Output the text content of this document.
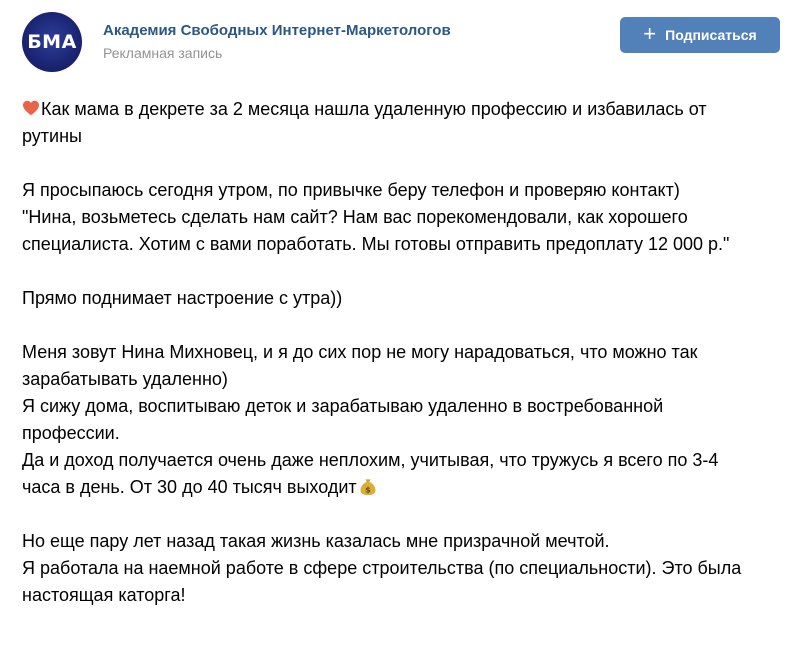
БМА
Академия Свободных Интернет-Маркетологов
Рекламная запись
+ Подписаться

Как мама в декрете за 2 месяца нашла удаленную профессию и избавилась от
рутины

Я просыпаюсь сегодня утром, по привычке беру телефон и проверяю контакт)
"Нина, возьметесь сделать нам сайт? Нам вас порекомендовали, как хорошего
специалиста. Хотим с вами поработать. Мы готовы отправить предоплату 12 000 р."

Прямо поднимает настроение с утра))

Меня зовут Нина Михновец, и я до сих пор не могу нарадоваться, что можно так
зарабатывать удаленно)
Я сижу дома, воспитываю деток и зарабатываю удаленно в востребованной
профессии.
Да и доход получается очень даже неплохим, учитывая, что тружусь я всего по 3-4
часа в день. От 30 до 40 тысяч выходит $

Но еще пару лет назад такая жизнь казалась мне призрачной мечтой.
Я работала на наемной работе в сфере строительства (по специальности). Это была
настоящая каторга!
